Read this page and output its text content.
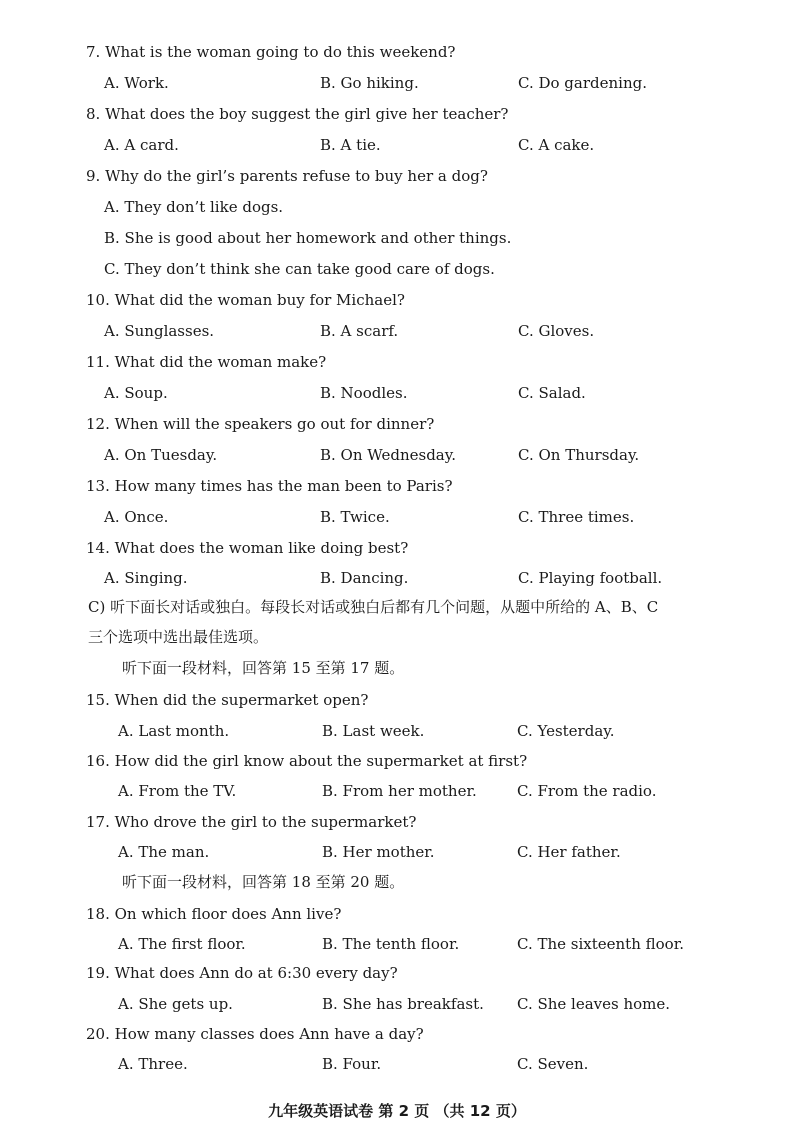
7. What is the woman going to do this weekend?
A. Work.	B. Go hiking.	C. Do gardening.
8. What does the boy suggest the girl give her teacher?
A. A card.	B. A tie.	C. A cake.
9. Why do the girl’s parents refuse to buy her a dog?
A. They don’t like dogs.
B. She is good about her homework and other things.
C. They don’t think she can take good care of dogs.
10. What did the woman buy for Michael?
A. Sunglasses.	B. A scarf.	C. Gloves.
11. What did the woman make?
A. Soup.	B. Noodles.	C. Salad.
12. When will the speakers go out for dinner?
A. On Tuesday.	B. On Wednesday.	C. On Thursday.
13. How many times has the man been to Paris?
A. Once.	B. Twice.	C. Three times.
14. What does the woman like doing best?
A. Singing.	B. Dancing.	C. Playing football.
C) 听下面长对话或独白。每段长对话或独白后都有几个问题，从题中所给的 A、B、C
三个选项中选出最佳选项。
听下面一段材料，回答第 15 至第 17 题。
15. When did the supermarket open?
A. Last month.	B. Last week.	C. Yesterday.
16. How did the girl know about the supermarket at first?
A. From the TV.	B. From her mother.	C. From the radio.
17. Who drove the girl to the supermarket?
A. The man.	B. Her mother.	C. Her father.
听下面一段材料，回答第 18 至第 20 题。
18. On which floor does Ann live?
A. The first floor.	B. The tenth floor.	C. The sixteenth floor.
19. What does Ann do at 6:30 every day?
A. She gets up.	B. She has breakfast. C. She leaves home.
20. How many classes does Ann have a day?
A. Three.	B. Four.	C. Seven.
九年级英语试卷 第 2 页 （共 12 页）
